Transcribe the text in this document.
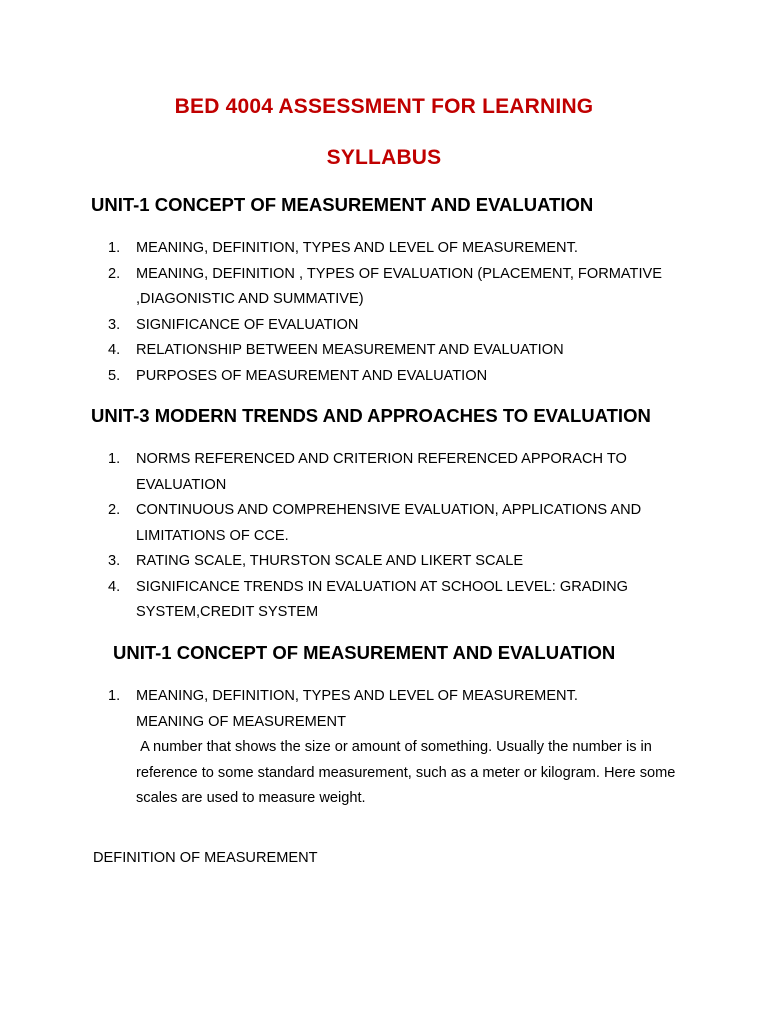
BED 4004 ASSESSMENT FOR LEARNING
SYLLABUS
UNIT-1 CONCEPT OF MEASUREMENT AND EVALUATION
1. MEANING, DEFINITION, TYPES AND LEVEL OF MEASUREMENT.
2. MEANING, DEFINITION , TYPES OF EVALUATION (PLACEMENT, FORMATIVE ,DIAGONISTIC AND SUMMATIVE)
3. SIGNIFICANCE OF EVALUATION
4. RELATIONSHIP BETWEEN MEASUREMENT AND EVALUATION
5. PURPOSES OF MEASUREMENT AND EVALUATION
UNIT-3 MODERN TRENDS AND APPROACHES TO EVALUATION
1. NORMS REFERENCED AND CRITERION REFERENCED APPORACH TO EVALUATION
2. CONTINUOUS AND COMPREHENSIVE EVALUATION, APPLICATIONS AND LIMITATIONS OF CCE.
3. RATING SCALE, THURSTON SCALE AND LIKERT SCALE
4. SIGNIFICANCE TRENDS IN EVALUATION AT SCHOOL LEVEL: GRADING SYSTEM,CREDIT SYSTEM
UNIT-1 CONCEPT OF MEASUREMENT AND EVALUATION
1. MEANING, DEFINITION, TYPES AND LEVEL OF MEASUREMENT.
MEANING OF MEASUREMENT
A number that shows the size or amount of something. Usually the number is in reference to some standard measurement, such as a meter or kilogram. Here some scales are used to measure weight.
DEFINITION OF MEASUREMENT
